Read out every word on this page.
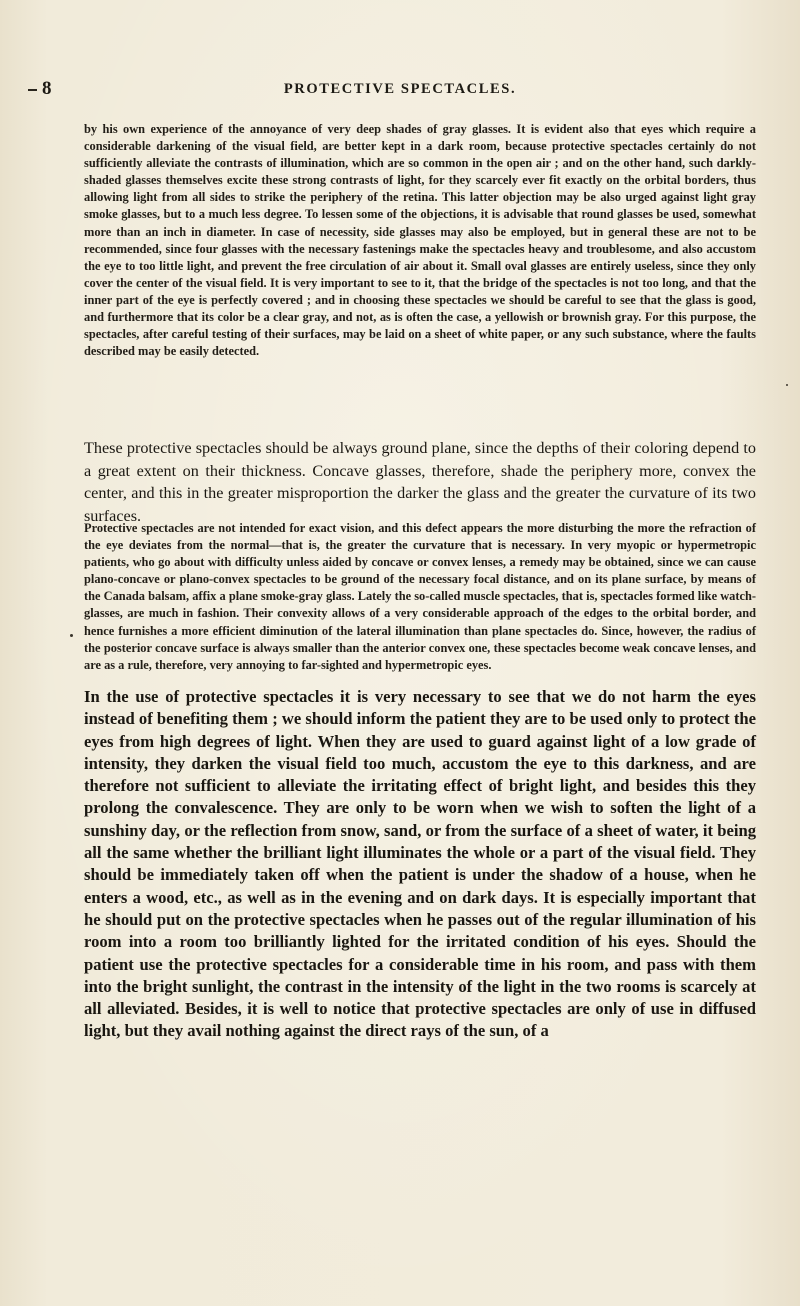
8	PROTECTIVE SPECTACLES.

by his own experience of the annoyance of very deep shades of gray glasses. It is evident also that eyes which require a considerable darkening of the visual field, are better kept in a dark room, because protective spectacles certainly do not sufficiently alleviate the contrasts of illumination, which are so common in the open air ; and on the other hand, such darkly-shaded glasses themselves excite these strong contrasts of light, for they scarcely ever fit exactly on the orbital borders, thus allowing light from all sides to strike the periphery of the retina. This latter objection may be also urged against light gray smoke glasses, but to a much less degree. To lessen some of the objections, it is advisable that round glasses be used, somewhat more than an inch in diameter. In case of necessity, side glasses may also be employed, but in general these are not to be recommended, since four glasses with the necessary fastenings make the spectacles heavy and troublesome, and also accustom the eye to too little light, and prevent the free circulation of air about it. Small oval glasses are entirely useless, since they only cover the center of the visual field. It is very important to see to it, that the bridge of the spectacles is not too long, and that the inner part of the eye is perfectly covered ; and in choosing these spectacles we should be careful to see that the glass is good, and furthermore that its color be a clear gray, and not, as is often the case, a yellowish or brownish gray. For this purpose, the spectacles, after careful testing of their surfaces, may be laid on a sheet of white paper, or any such substance, where the faults described may be easily detected.

These protective spectacles should be always ground plane, since the depths of their coloring depend to a great extent on their thickness. Concave glasses, therefore, shade the periphery more, convex the center, and this in the greater misproportion the darker the glass and the greater the curvature of its two surfaces.

Protective spectacles are not intended for exact vision, and this defect appears the more disturbing the more the refraction of the eye deviates from the normal—that is, the greater the curvature that is necessary. In very myopic or hypermetropic patients, who go about with difficulty unless aided by concave or convex lenses, a remedy may be obtained, since we can cause plano-concave or plano-convex spectacles to be ground of the necessary focal distance, and on its plane surface, by means of the Canada balsam, affix a plane smoke-gray glass. Lately the so-called muscle spectacles, that is, spectacles formed like watch-glasses, are much in fashion. Their convexity allows of a very considerable approach of the edges to the orbital border, and hence furnishes a more efficient diminution of the lateral illumination than plane spectacles do. Since, however, the radius of the posterior concave surface is always smaller than the anterior convex one, these spectacles become weak concave lenses, and are as a rule, therefore, very annoying to far-sighted and hypermetropic eyes.

In the use of protective spectacles it is very necessary to see that we do not harm the eyes instead of benefiting them ; we should inform the patient they are to be used only to protect the eyes from high degrees of light. When they are used to guard against light of a low grade of intensity, they darken the visual field too much, accustom the eye to this darkness, and are therefore not sufficient to alleviate the irritating effect of bright light, and besides this they prolong the convalescence. They are only to be worn when we wish to soften the light of a sunshiny day, or the reflection from snow, sand, or from the surface of a sheet of water, it being all the same whether the brilliant light illuminates the whole or a part of the visual field. They should be immediately taken off when the patient is under the shadow of a house, when he enters a wood, etc., as well as in the evening and on dark days. It is especially important that he should put on the protective spectacles when he passes out of the regular illumination of his room into a room too brilliantly lighted for the irritated condition of his eyes. Should the patient use the protective spectacles for a considerable time in his room, and pass with them into the bright sunlight, the contrast in the intensity of the light in the two rooms is scarcely at all alleviated. Besides, it is well to notice that protective spectacles are only of use in diffused light, but they avail nothing against the direct rays of the sun, of a
